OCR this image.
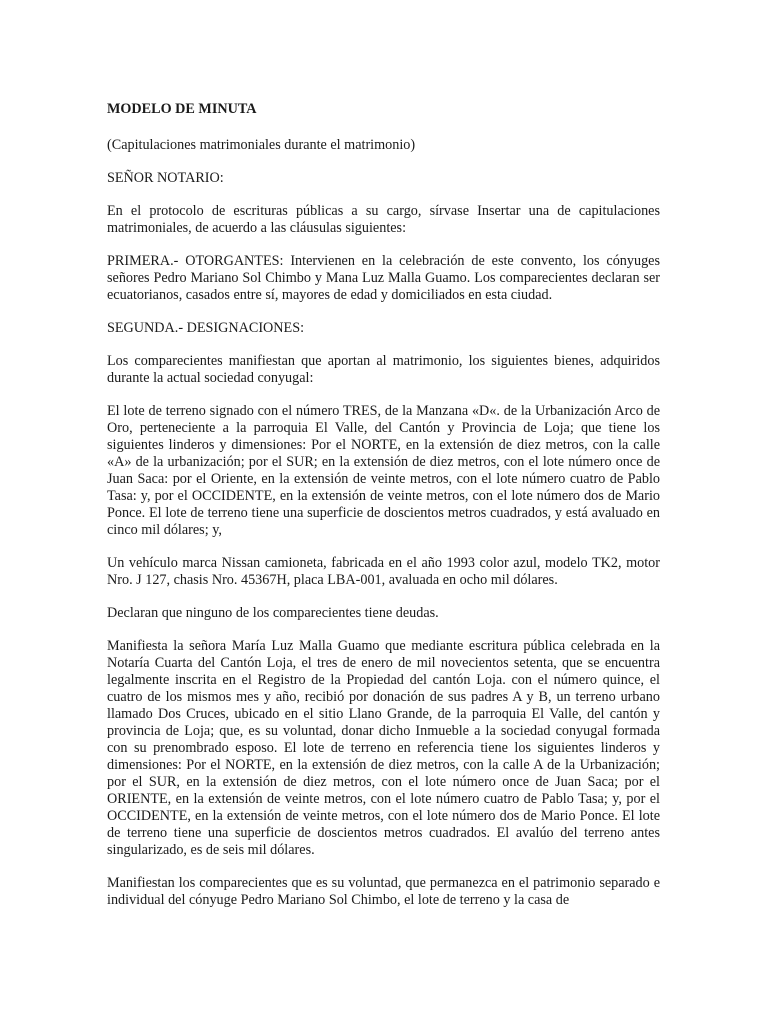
MODELO DE MINUTA

(Capitulaciones matrimoniales durante el matrimonio)

SEÑOR NOTARIO:

En el protocolo de escrituras públicas a su cargo, sírvase Insertar una de capitulaciones matrimoniales, de acuerdo a las cláusulas siguientes:

PRIMERA.- OTORGANTES: Intervienen en la celebración de este convento, los cónyuges señores Pedro Mariano Sol Chimbo y Mana Luz Malla Guamo. Los comparecientes declaran ser ecuatorianos, casados entre sí, mayores de edad y domiciliados en esta ciudad.

SEGUNDA.- DESIGNACIONES:

Los comparecientes manifiestan que aportan al matrimonio, los siguientes bienes, adquiridos durante la actual sociedad conyugal:

El lote de terreno signado con el número TRES, de la Manzana «D«. de la Urbanización Arco de Oro, perteneciente a la parroquia El Valle, del Cantón y Provincia de Loja; que tiene los siguientes linderos y dimensiones: Por el NORTE, en la extensión de diez metros, con la calle «A» de la urbanización; por el SUR; en la extensión de diez metros, con el lote número once de Juan Saca: por el Oriente, en la extensión de veinte metros, con el lote número cuatro de Pablo Tasa: y, por el OCCIDENTE, en la extensión de veinte metros, con el lote número dos de Mario Ponce. El lote de terreno tiene una superficie de doscientos metros cuadrados, y está avaluado en cinco mil dólares; y,

Un vehículo marca Nissan camioneta, fabricada en el año 1993 color azul, modelo TK2, motor Nro. J 127, chasis Nro. 45367H, placa LBA-001, avaluada en ocho mil dólares.

Declaran que ninguno de los comparecientes tiene deudas.

Manifiesta la señora María Luz Malla Guamo que mediante escritura pública celebrada en la Notaría Cuarta del Cantón Loja, el tres de enero de mil novecientos setenta, que se encuentra legalmente inscrita en el Registro de la Propiedad del cantón Loja. con el número quince, el cuatro de los mismos mes y año, recibió por donación de sus padres A y B, un terreno urbano llamado Dos Cruces, ubicado en el sitio Llano Grande, de la parroquia El Valle, del cantón y provincia de Loja; que, es su voluntad, donar dicho Inmueble a la sociedad conyugal formada con su prenombrado esposo. El lote de terreno en referencia tiene los siguientes linderos y dimensiones: Por el NORTE, en la extensión de diez metros, con la calle A de la Urbanización; por el SUR, en la extensión de diez metros, con el lote número once de Juan Saca; por el ORIENTE, en la extensión de veinte metros, con el lote número cuatro de Pablo Tasa; y, por el OCCIDENTE, en la extensión de veinte metros, con el lote número dos de Mario Ponce. El lote de terreno tiene una superficie de doscientos metros cuadrados. El avalúo del terreno antes singularizado, es de seis mil dólares.

Manifiestan los comparecientes que es su voluntad, que permanezca en el patrimonio separado e individual del cónyuge Pedro Mariano Sol Chimbo, el lote de terreno y la casa de
